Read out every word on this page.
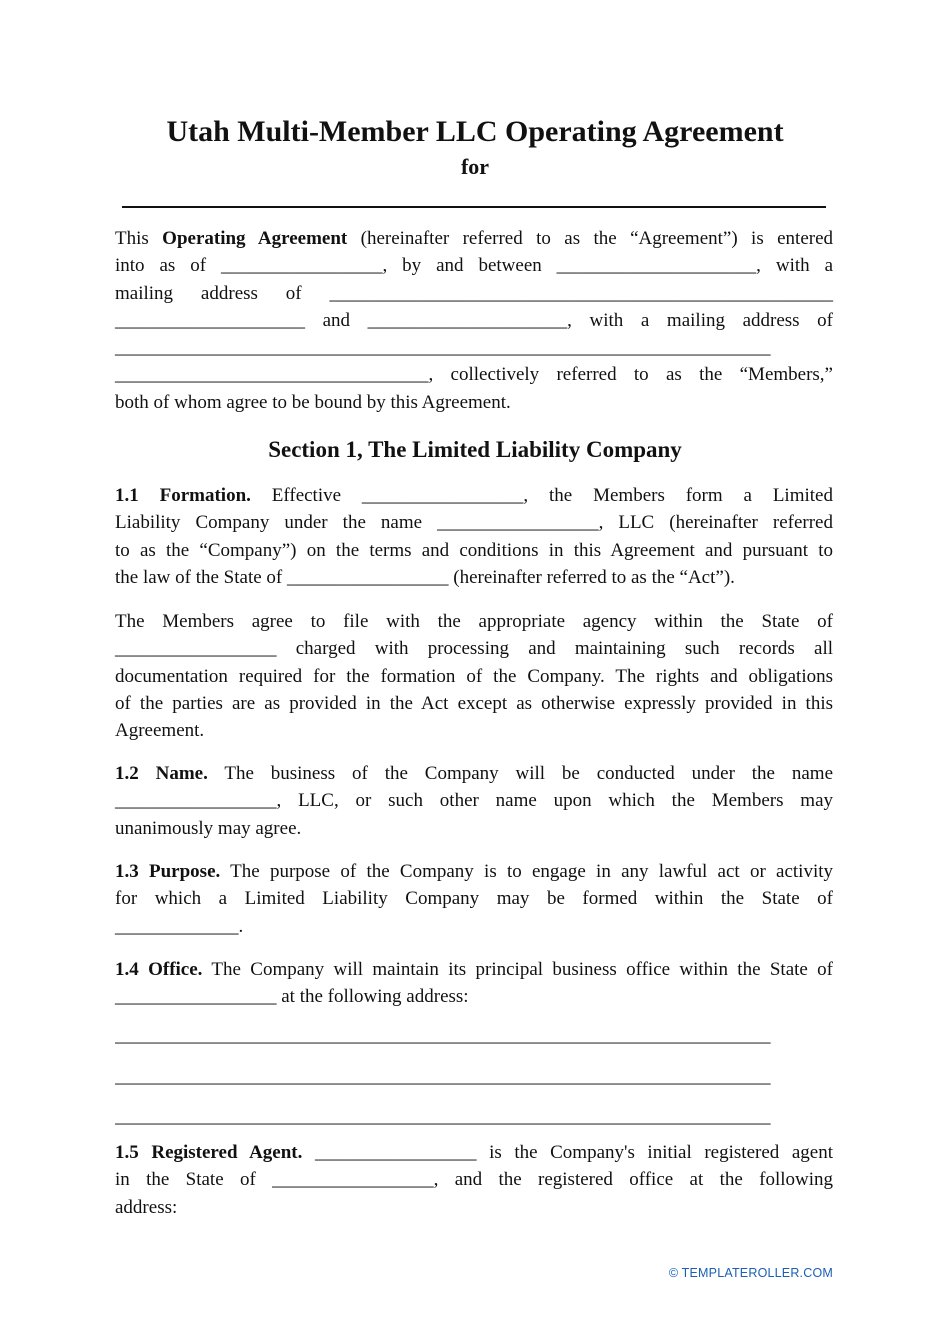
Utah Multi-Member LLC Operating Agreement
for
This Operating Agreement (hereinafter referred to as the “Agreement”) is entered
into as of _________________, by and between _____________________, with a
mailing address of _____________________________________________________
____________________ and _____________________, with a mailing address of
_____________________________________________________________________
_________________________________, collectively referred to as the “Members,”
both of whom agree to be bound by this Agreement.
Section 1, The Limited Liability Company
1.1 Formation. Effective _________________, the Members form a Limited
Liability Company under the name _________________, LLC (hereinafter referred
to as the “Company”) on the terms and conditions in this Agreement and pursuant to
the law of the State of _________________ (hereinafter referred to as the “Act”).
The Members agree to file with the appropriate agency within the State of
_________________ charged with processing and maintaining such records all
documentation required for the formation of the Company. The rights and obligations
of the parties are as provided in the Act except as otherwise expressly provided in this
Agreement.
1.2 Name. The business of the Company will be conducted under the name
_________________, LLC, or such other name upon which the Members may
unanimously may agree.
1.3 Purpose. The purpose of the Company is to engage in any lawful act or activity
for which a Limited Liability Company may be formed within the State of
_____________.
1.4 Office. The Company will maintain its principal business office within the State of
_________________ at the following address:
_____________________________________________________________________
_____________________________________________________________________
_____________________________________________________________________
1.5 Registered Agent. _________________ is the Company's initial registered agent
in the State of _________________, and the registered office at the following
address:
© TEMPLATEROLLER.COM
